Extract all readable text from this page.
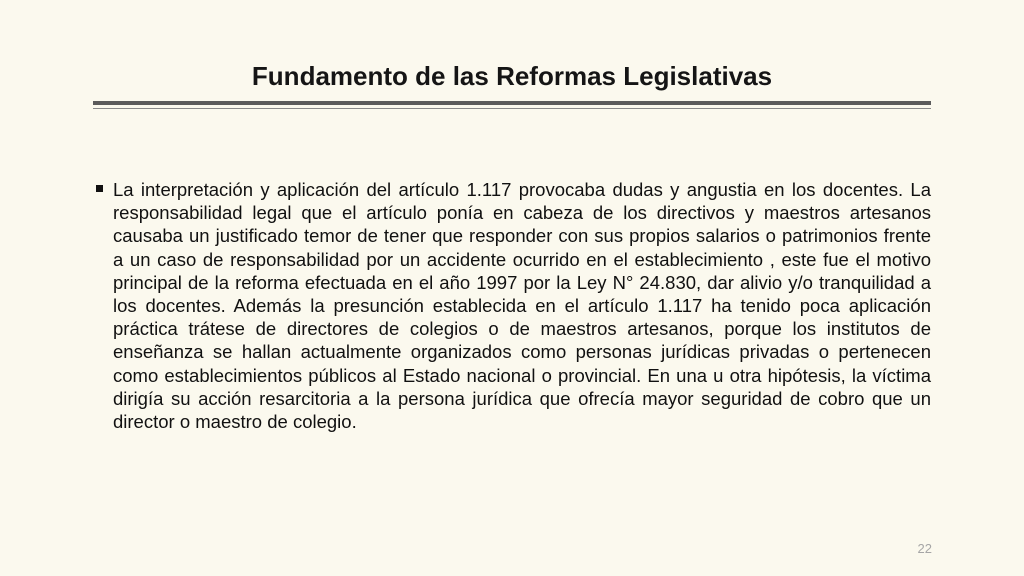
Fundamento de las Reformas Legislativas

La interpretación y aplicación del artículo 1.117 provocaba dudas y angustia en los docentes. La responsabilidad legal que el artículo ponía en cabeza de los directivos y maestros artesanos causaba un justificado temor de tener que responder con sus propios salarios o patrimonios frente a un caso de responsabilidad por un accidente ocurrido en el establecimiento , este fue el motivo principal de la reforma efectuada en el año 1997 por la Ley N° 24.830, dar alivio y/o tranquilidad a los docentes. Además la presunción establecida en el artículo 1.117 ha tenido poca aplicación práctica trátese de directores de colegios o de maestros artesanos, porque los institutos de enseñanza se hallan actualmente organizados como personas jurídicas privadas o pertenecen como establecimientos públicos al Estado nacional o provincial. En una u otra hipótesis, la víctima dirigía su acción resarcitoria a la persona jurídica que ofrecía mayor seguridad de cobro que un director o maestro de colegio.

22
